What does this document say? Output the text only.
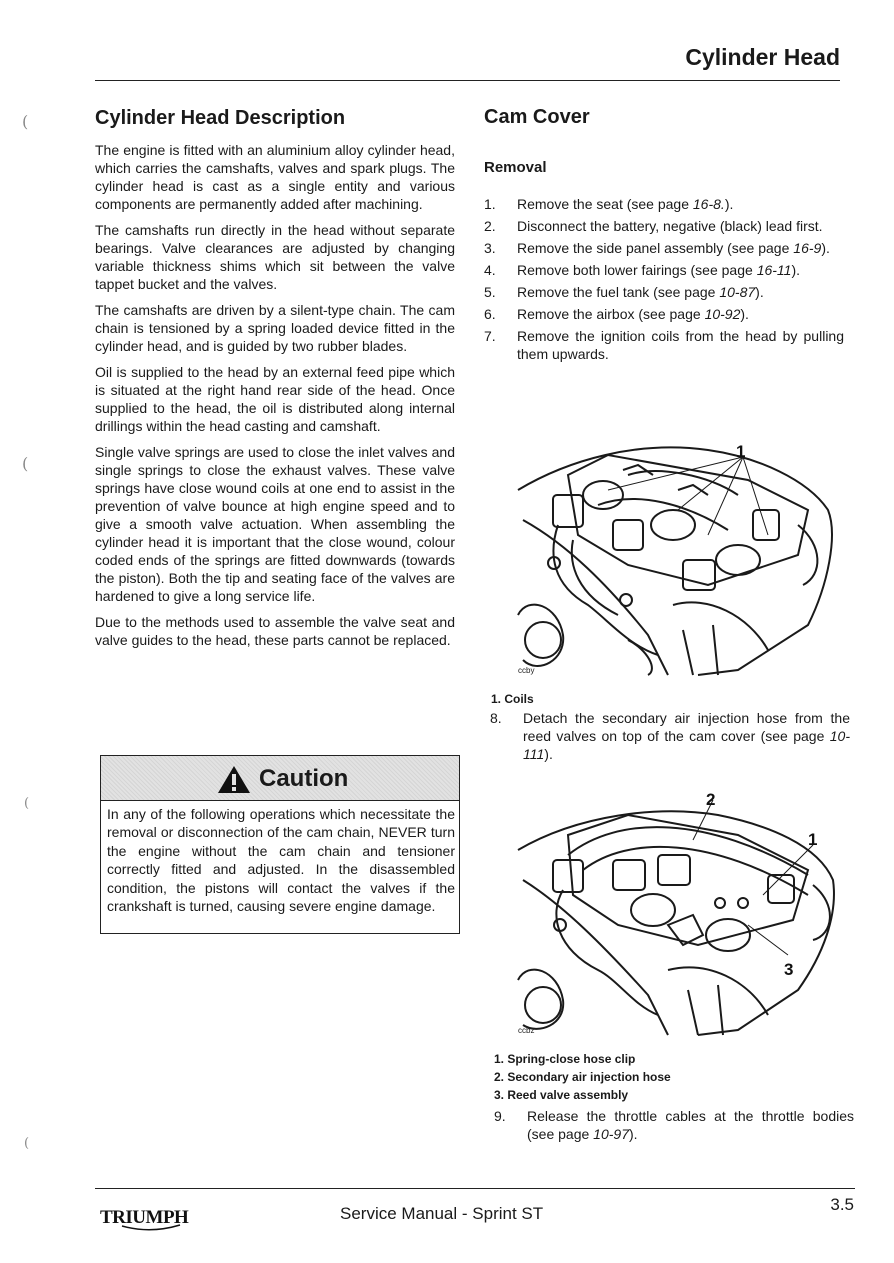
(
(
(
(
Cylinder Head
Cylinder Head Description

The engine is fitted with an aluminium alloy cylinder head, which carries the camshafts, valves and spark plugs. The cylinder head is cast as a single entity and various components are permanently added after machining.

The camshafts run directly in the head without separate bearings. Valve clearances are adjusted by changing variable thickness shims which sit between the valve tappet bucket and the valves.

The camshafts are driven by a silent-type chain. The cam chain is tensioned by a spring loaded device fitted in the cylinder head, and is guided by two rubber blades.

Oil is supplied to the head by an external feed pipe which is situated at the right hand rear side of the head. Once supplied to the head, the oil is distributed along internal drillings within the head casting and camshaft.

Single valve springs are used to close the inlet valves and single springs to close the exhaust valves. These valve springs have close wound coils at one end to assist in the prevention of valve bounce at high engine speed and to give a smooth valve actuation. When assembling the cylinder head it is important that the close wound, colour coded ends of the springs are fitted downwards (towards the piston). Both the tip and seating face of the valves are hardened to give a long service life.

Due to the methods used to assemble the valve seat and valve guides to the head, these parts cannot be replaced.

Caution
In any of the following operations which necessitate the removal or disconnection of the cam chain, NEVER turn the engine without the cam chain and tensioner correctly fitted and adjusted. In the disassembled condition, the pistons will contact the valves if the crankshaft is turned, causing severe engine damage.
Cam Cover
Removal
1. Remove the seat (see page 16-8.).
2. Disconnect the battery, negative (black) lead first.
3. Remove the side panel assembly (see page 16-9).
4. Remove both lower fairings (see page 16-11).
5. Remove the fuel tank (see page 10-87).
6. Remove the airbox (see page 10-92).
7. Remove the ignition coils from the head by pulling them upwards.
1
ccby
1. Coils
8. Detach the secondary air injection hose from the reed valves on top of the cam cover (see page 10-111).
2
1
3
ccbz
1. Spring-close hose clip
2. Secondary air injection hose
3. Reed valve assembly
9. Release the throttle cables at the throttle bodies (see page 10-97).
TRIUMPH	Service Manual - Sprint ST	3.5
